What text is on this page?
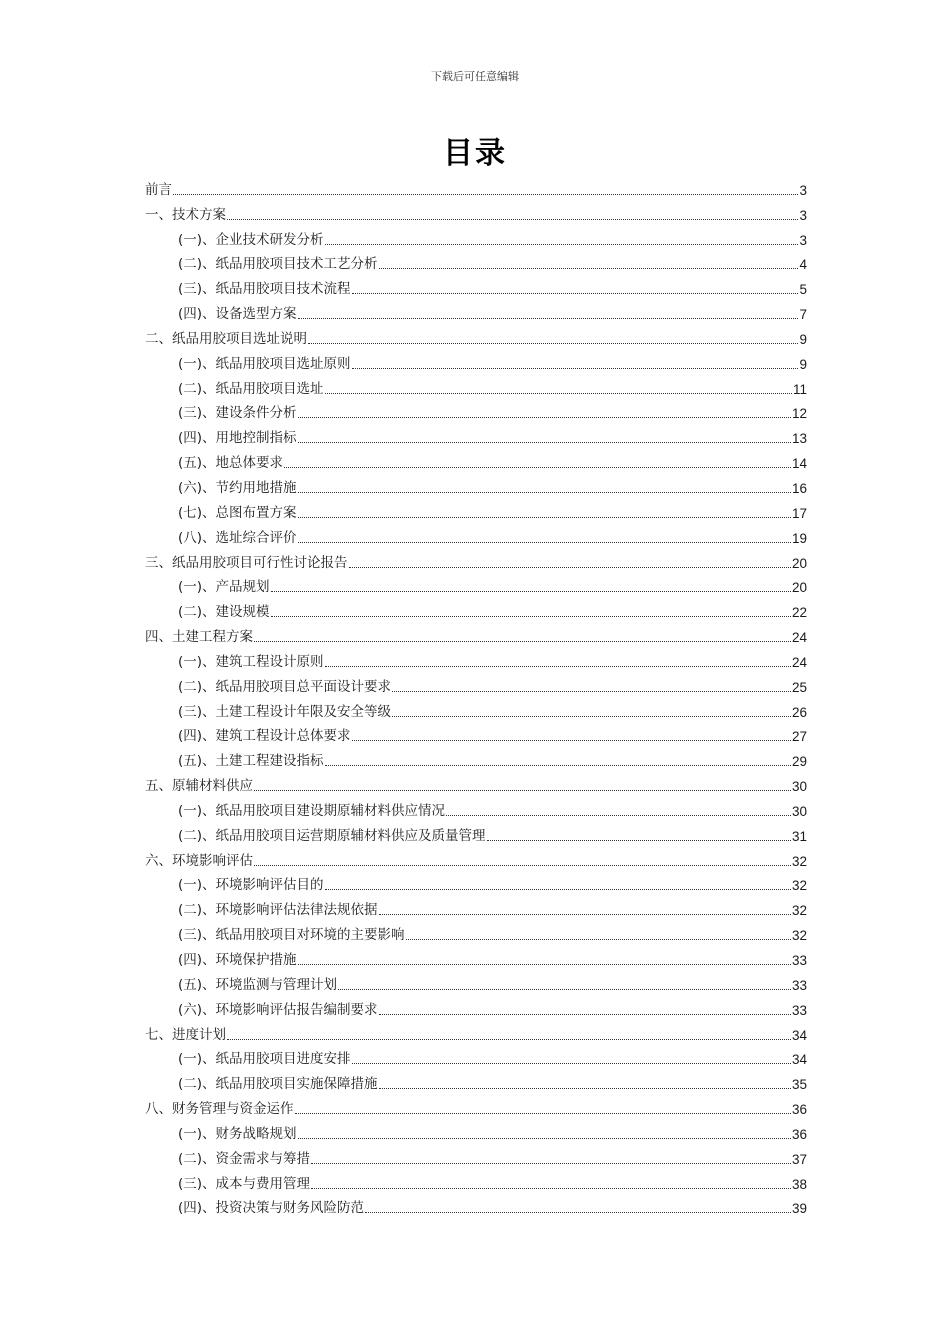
下载后可任意编辑
目录
前言	3
一、技术方案	3
(一)、企业技术研发分析	3
(二)、纸品用胶项目技术工艺分析	4
(三)、纸品用胶项目技术流程	5
(四)、设备选型方案	7
二、纸品用胶项目选址说明	9
(一)、纸品用胶项目选址原则	9
(二)、纸品用胶项目选址	11
(三)、建设条件分析	12
(四)、用地控制指标	13
(五)、地总体要求	14
(六)、节约用地措施	16
(七)、总图布置方案	17
(八)、选址综合评价	19
三、纸品用胶项目可行性讨论报告	20
(一)、产品规划	20
(二)、建设规模	22
四、土建工程方案	24
(一)、建筑工程设计原则	24
(二)、纸品用胶项目总平面设计要求	25
(三)、土建工程设计年限及安全等级	26
(四)、建筑工程设计总体要求	27
(五)、土建工程建设指标	29
五、原辅材料供应	30
(一)、纸品用胶项目建设期原辅材料供应情况	30
(二)、纸品用胶项目运营期原辅材料供应及质量管理	31
六、环境影响评估	32
(一)、环境影响评估目的	32
(二)、环境影响评估法律法规依据	32
(三)、纸品用胶项目对环境的主要影响	32
(四)、环境保护措施	33
(五)、环境监测与管理计划	33
(六)、环境影响评估报告编制要求	33
七、进度计划	34
(一)、纸品用胶项目进度安排	34
(二)、纸品用胶项目实施保障措施	35
八、财务管理与资金运作	36
(一)、财务战略规划	36
(二)、资金需求与筹措	37
(三)、成本与费用管理	38
(四)、投资决策与财务风险防范	39
